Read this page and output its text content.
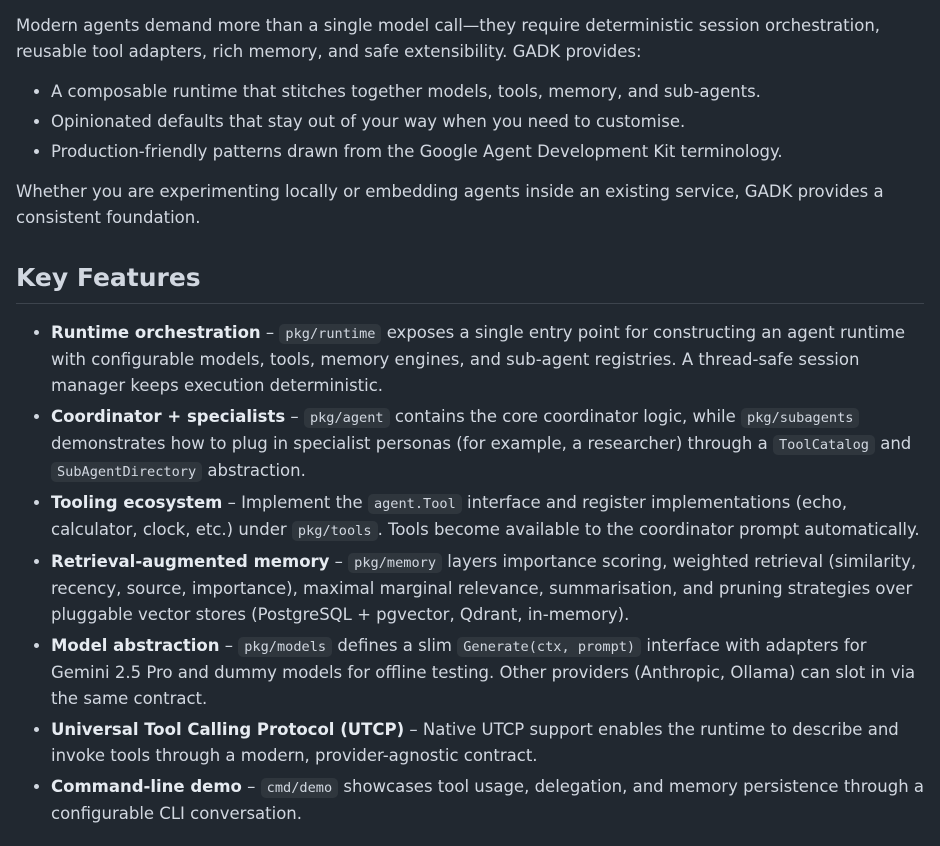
Modern agents demand more than a single model call—they require deterministic session orchestration, reusable tool adapters, rich memory, and safe extensibility. GADK provides:

• A composable runtime that stitches together models, tools, memory, and sub-agents.
• Opinionated defaults that stay out of your way when you need to customise.
• Production-friendly patterns drawn from the Google Agent Development Kit terminology.

Whether you are experimenting locally or embedding agents inside an existing service, GADK provides a consistent foundation.

Key Features
• Runtime orchestration – pkg/runtime exposes a single entry point for constructing an agent runtime with configurable models, tools, memory engines, and sub-agent registries. A thread-safe session manager keeps execution deterministic.
• Coordinator + specialists – pkg/agent contains the core coordinator logic, while pkg/subagents demonstrates how to plug in specialist personas (for example, a researcher) through a ToolCatalog and SubAgentDirectory abstraction.
• Tooling ecosystem – Implement the agent.Tool interface and register implementations (echo, calculator, clock, etc.) under pkg/tools . Tools become available to the coordinator prompt automatically.
• Retrieval-augmented memory – pkg/memory layers importance scoring, weighted retrieval (similarity, recency, source, importance), maximal marginal relevance, summarisation, and pruning strategies over pluggable vector stores (PostgreSQL + pgvector, Qdrant, in-memory).
• Model abstraction – pkg/models defines a slim Generate(ctx, prompt) interface with adapters for Gemini 2.5 Pro and dummy models for offline testing. Other providers (Anthropic, Ollama) can slot in via the same contract.
• Universal Tool Calling Protocol (UTCP) – Native UTCP support enables the runtime to describe and invoke tools through a modern, provider-agnostic contract.
• Command-line demo – cmd/demo showcases tool usage, delegation, and memory persistence through a configurable CLI conversation.
